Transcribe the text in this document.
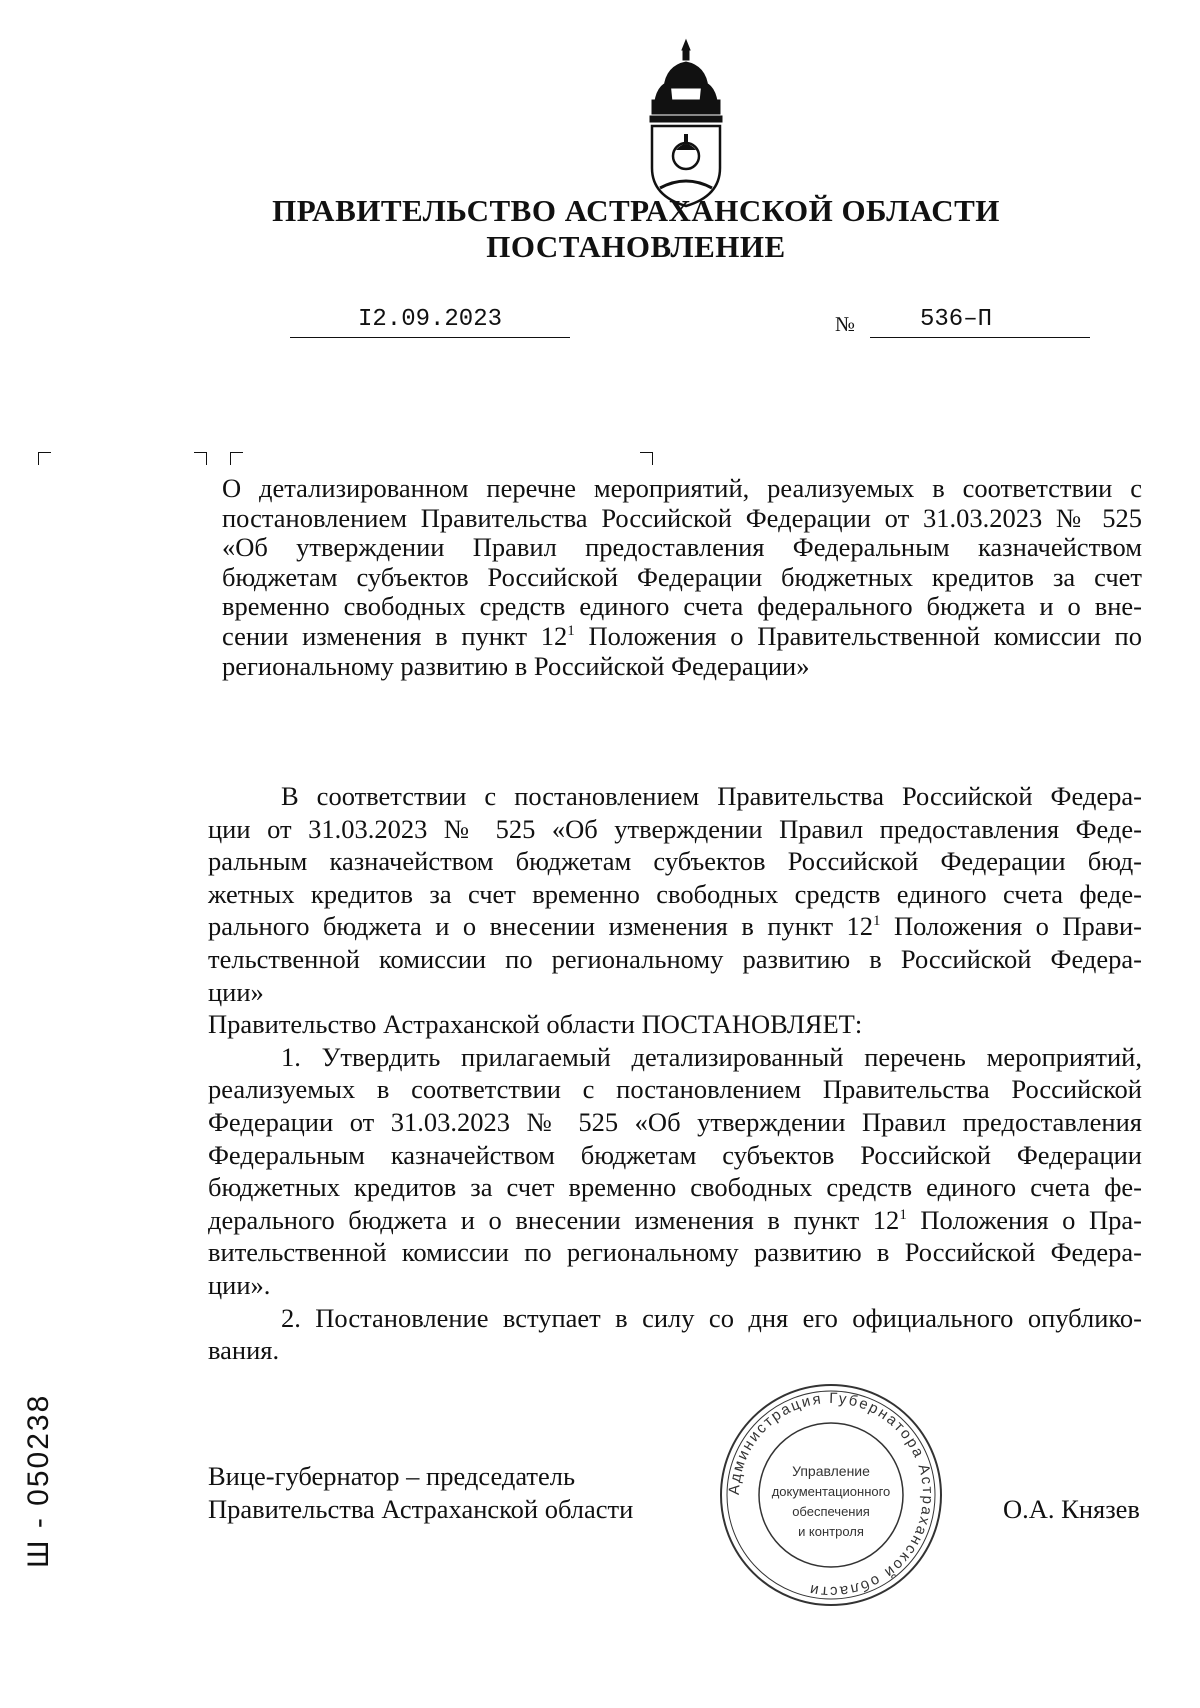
ПРАВИТЕЛЬСТВО АСТРАХАНСКОЙ ОБЛАСТИ
ПОСТАНОВЛЕНИЕ
I2.09.2023	№	536–П
О детализированном перечне мероприятий, реализуемых в соответствии с
постановлением Правительства Российской Федерации от 31.03.2023 № 525
«Об утверждении Правил предоставления Федеральным казначейством
бюджетам субъектов Российской Федерации бюджетных кредитов за счет
временно свободных средств единого счета федерального бюджета и о вне-
сении изменения в пункт $12^1$ Положения о Правительственной комиссии по
региональному развитию в Российской Федерации»
В соответствии с постановлением Правительства Российской Федера-
ции от 31.03.2023 № 525 «Об утверждении Правил предоставления Феде-
ральным казначейством бюджетам субъектов Российской Федерации бюд-
жетных кредитов за счет временно свободных средств единого счета феде-
рального бюджета и о внесении изменения в пункт $12^1$ Положения о Прави-
тельственной комиссии по региональному развитию в Российской Федера-
ции»
Правительство Астраханской области ПОСТАНОВЛЯЕТ:
1. Утвердить прилагаемый детализированный перечень мероприятий,
реализуемых в соответствии с постановлением Правительства Российской
Федерации от 31.03.2023 № 525 «Об утверждении Правил предоставления
Федеральным казначейством бюджетам субъектов Российской Федерации
бюджетных кредитов за счет временно свободных средств единого счета фе-
дерального бюджета и о внесении изменения в пункт $12^1$ Положения о Пра-
вительственной комиссии по региональному развитию в Российской Федера-
ции».
2. Постановление вступает в силу со дня его официального опублико-
вания.
Вице-губернатор – председатель
Правительства Астраханской области	О.А. Князев
Администрация Губернатора Астраханской области
Управление
документационного
обеспечения
и контроля
Ш - 050238
